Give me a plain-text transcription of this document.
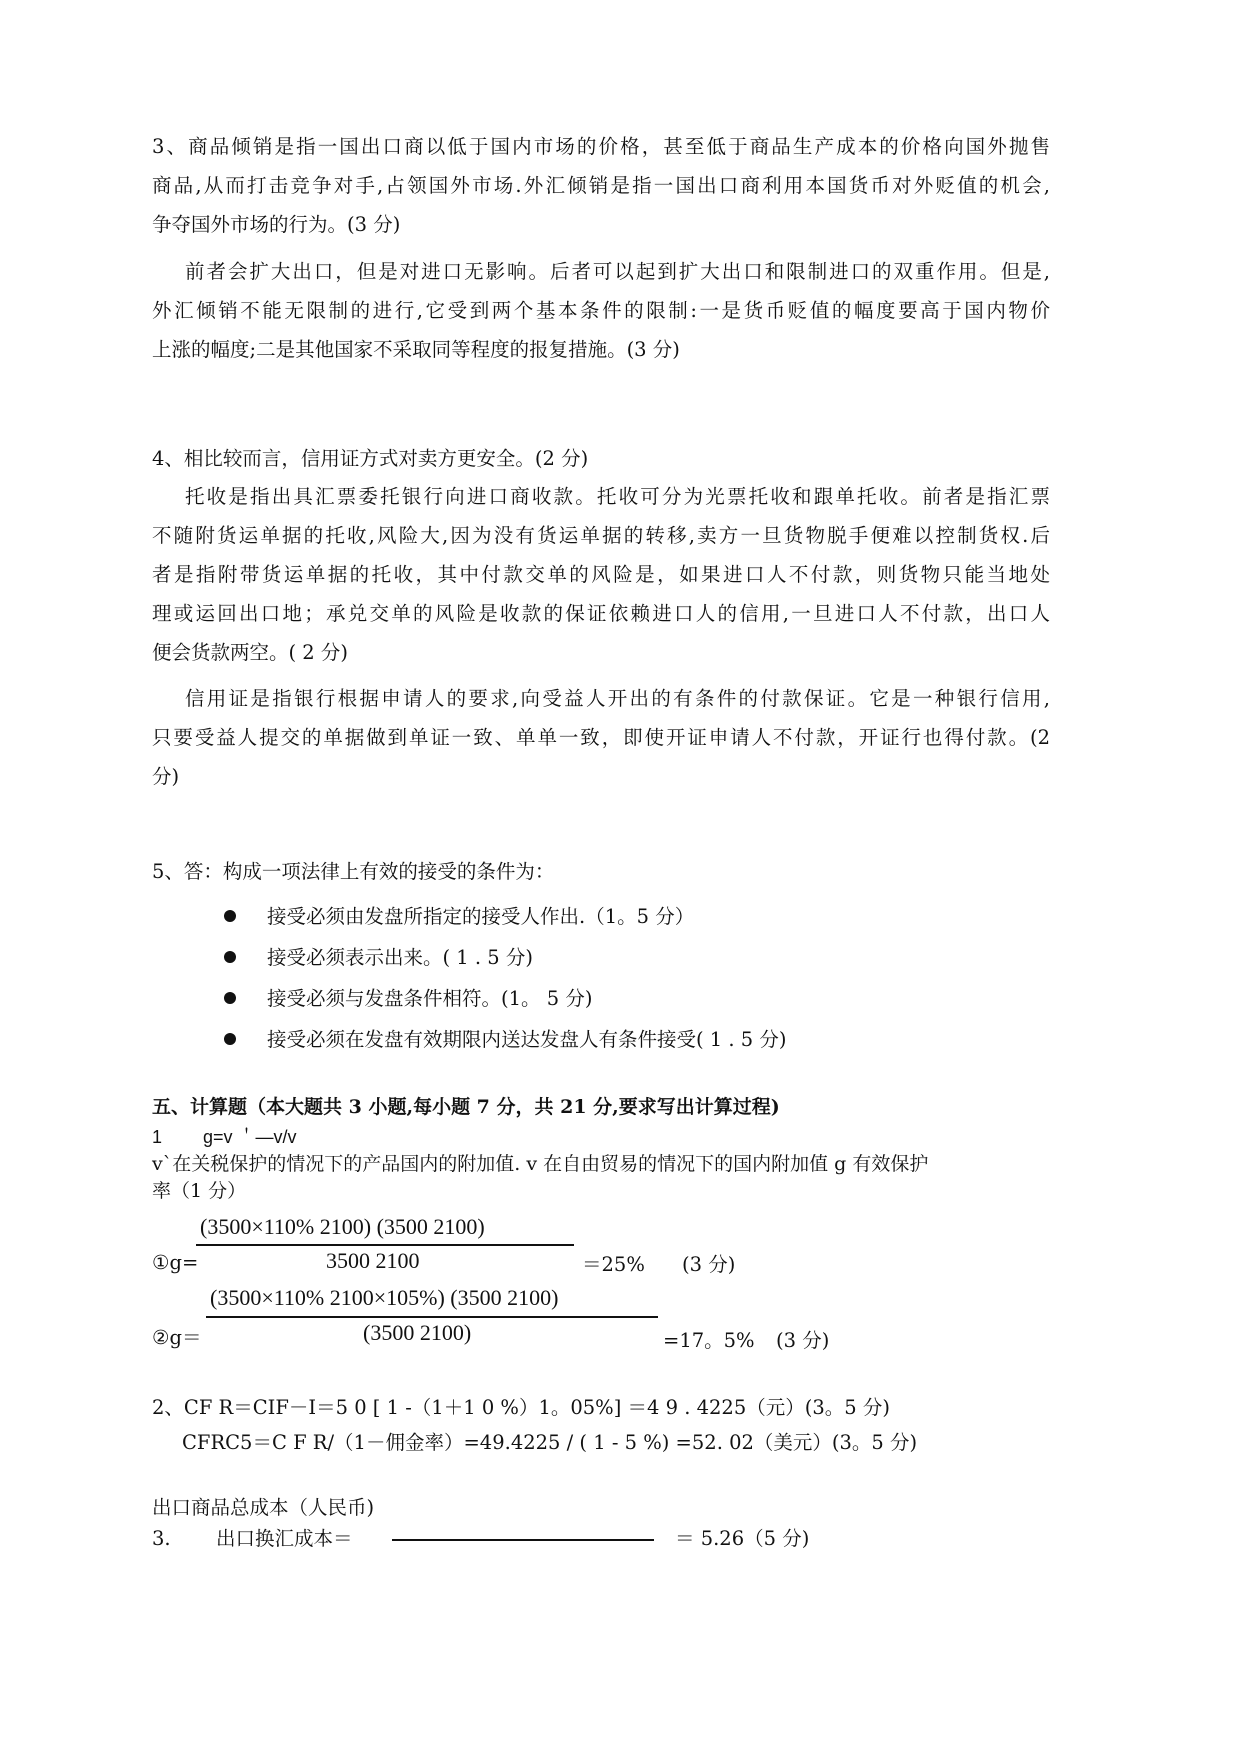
3、商品倾销是指一国出口商以低于国内市场的价格，甚至低于商品生产成本的价格向国外抛售
商品,从而打击竞争对手,占领国外市场.外汇倾销是指一国出口商利用本国货币对外贬值的机会,
争夺国外市场的行为。(3 分)
前者会扩大出口，但是对进口无影响。后者可以起到扩大出口和限制进口的双重作用。但是,
外汇倾销不能无限制的进行,它受到两个基本条件的限制:一是货币贬值的幅度要高于国内物价
上涨的幅度;二是其他国家不采取同等程度的报复措施。(3 分)
4、相比较而言，信用证方式对卖方更安全。(2 分)
托收是指出具汇票委托银行向进口商收款。托收可分为光票托收和跟单托收。前者是指汇票
不随附货运单据的托收,风险大,因为没有货运单据的转移,卖方一旦货物脱手便难以控制货权.后
者是指附带货运单据的托收，其中付款交单的风险是，如果进口人不付款，则货物只能当地处
理或运回出口地；承兑交单的风险是收款的保证依赖进口人的信用,一旦进口人不付款，出口人
便会货款两空。( 2 分)
信用证是指银行根据申请人的要求,向受益人开出的有条件的付款保证。它是一种银行信用,
只要受益人提交的单据做到单证一致、单单一致，即使开证申请人不付款，开证行也得付款。(2
分)
5、答：构成一项法律上有效的接受的条件为：
接受必须由发盘所指定的接受人作出.（1。5 分）
接受必须表示出来。( 1 . 5 分)
接受必须与发盘条件相符。(1。 5 分)
接受必须在发盘有效期限内送达发盘人有条件接受( 1 . 5 分)
五、计算题（本大题共 3 小题,每小题 7 分，共 21 分,要求写出计算过程)
1 g=v ＇—v/v
v`在关税保护的情况下的产品国内的附加值. v 在自由贸易的情况下的国内附加值 g 有效保护
率（1 分）
(3500×110% 2100) (3500 2100)
①g=	3500 2100	＝25% (3 分)
(3500×110% 2100×105%) (3500 2100)
②g＝	(3500 2100)	=17。5% (3 分)
2、CF R＝CIF－I＝5 0 [ 1 -（1＋1 0 %）1。05%] ＝4 9 . 4225（元）(3。5 分)
CFRC5＝C F R/（1－佣金率）=49.4225 / ( 1 - 5 %) =52. 02（美元）(3。5 分)
出口商品总成本（人民币)
3. 出口换汇成本＝	＝ 5.26（5 分)
